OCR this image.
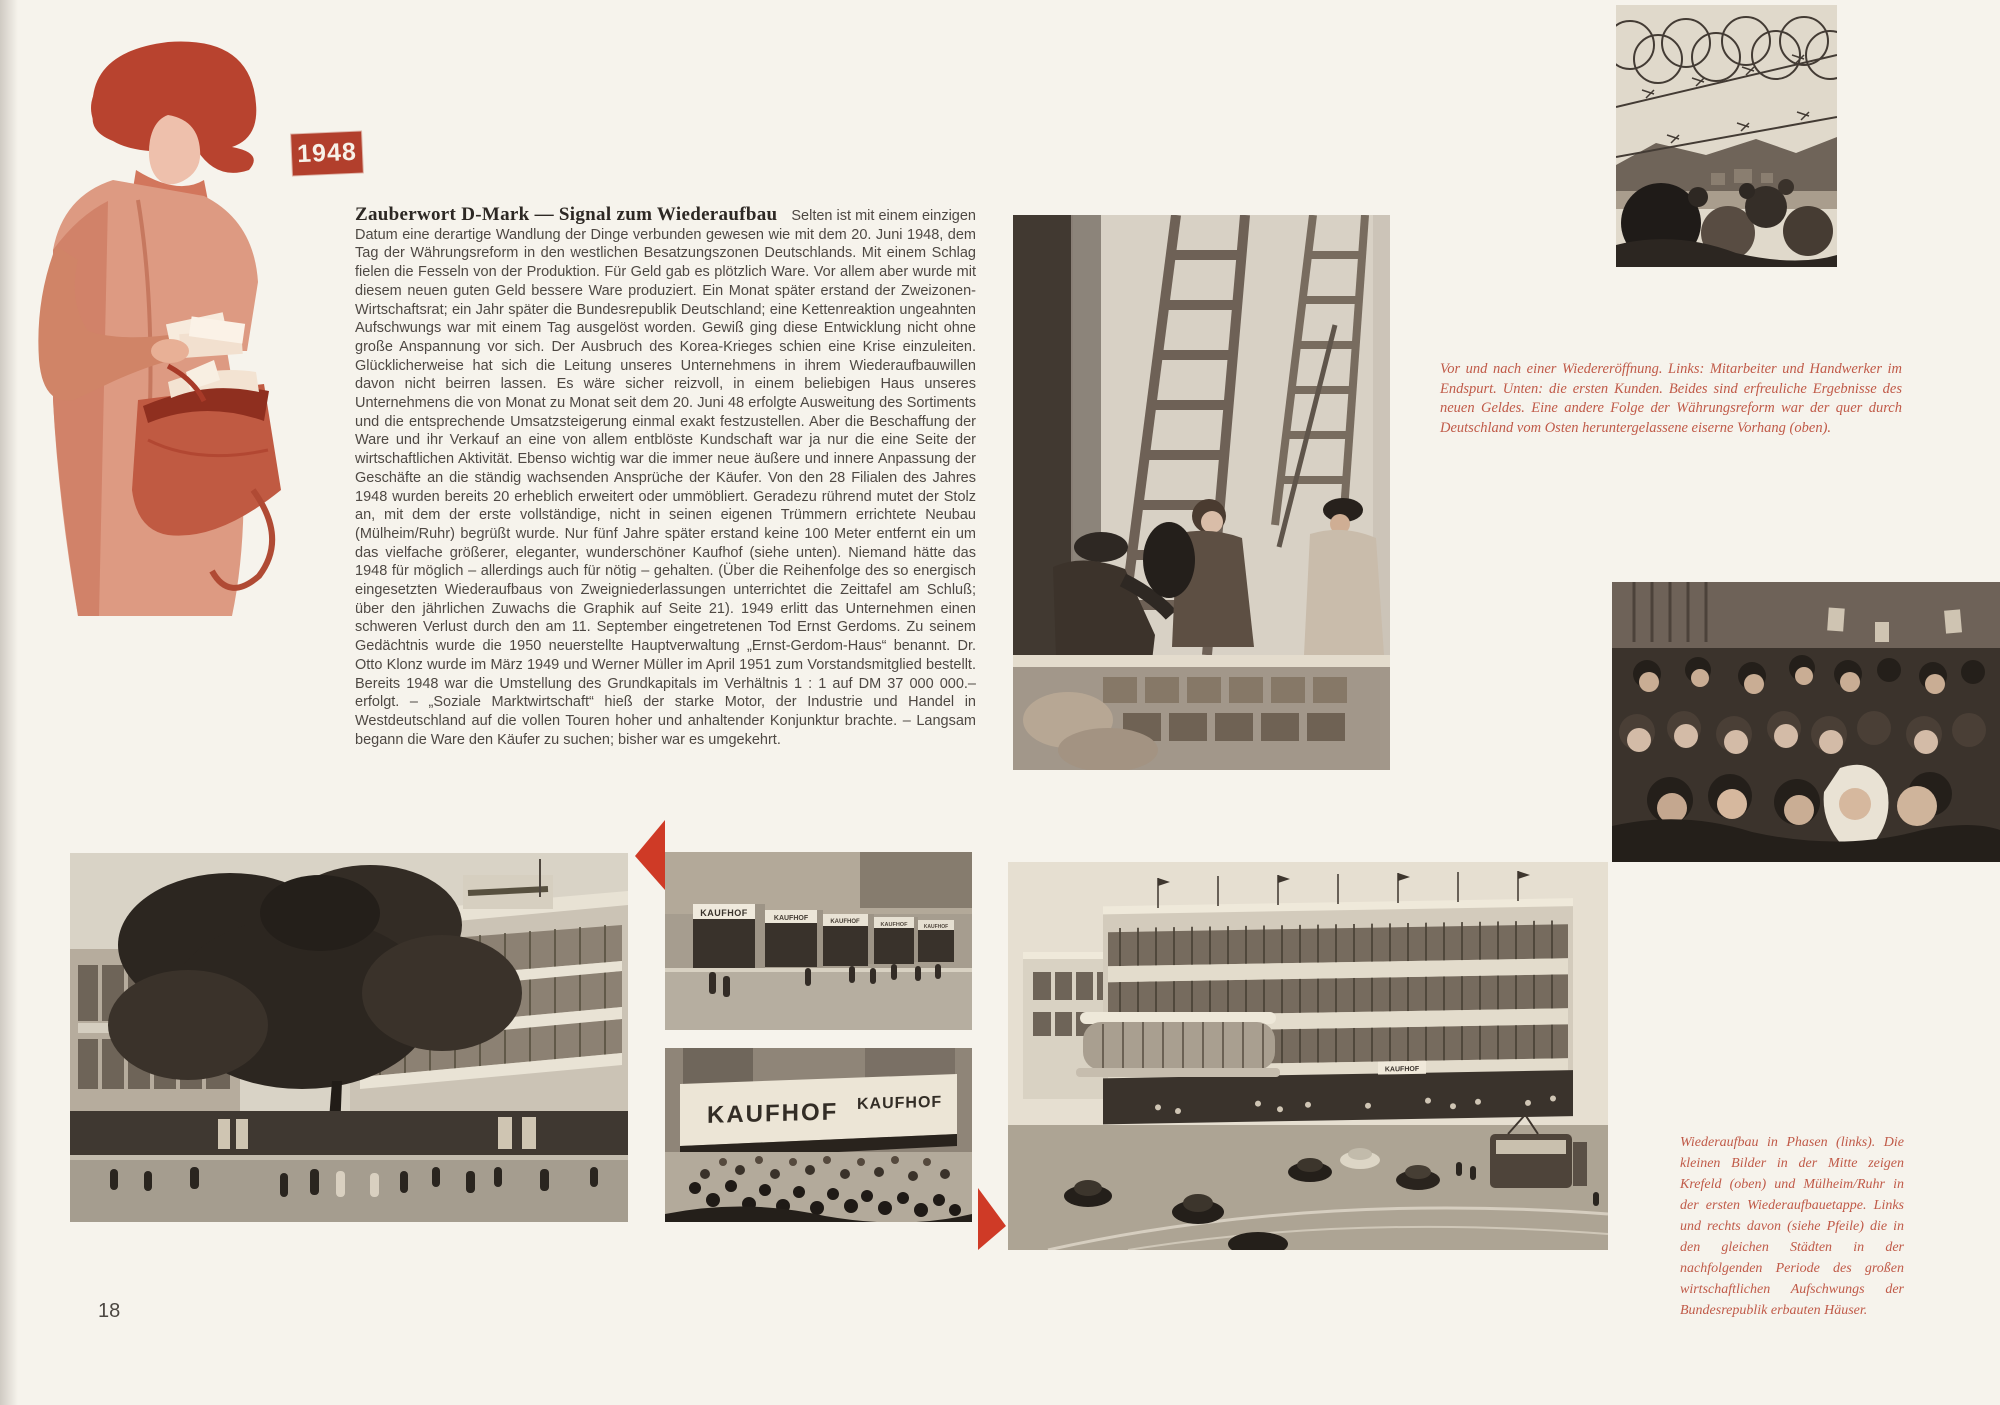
1948
Zauberwort D-Mark — Signal zum Wiederaufbau Selten ist mit einem einzigen Datum eine derartige Wandlung der Dinge verbunden gewesen wie mit dem 20. Juni 1948, dem Tag der Währungsreform in den westlichen Besatzungszonen Deutschlands. Mit einem Schlag fielen die Fesseln von der Produktion. Für Geld gab es plötzlich Ware. Vor allem aber wurde mit diesem neuen guten Geld bessere Ware produziert. Ein Monat später erstand der Zweizonen-Wirtschaftsrat; ein Jahr später die Bundesrepublik Deutschland; eine Kettenreaktion ungeahnten Aufschwungs war mit einem Tag ausgelöst worden. Gewiß ging diese Entwicklung nicht ohne große Anspannung vor sich. Der Ausbruch des Korea-Krieges schien eine Krise einzuleiten. Glücklicherweise hat sich die Leitung unseres Unternehmens in ihrem Wiederaufbauwillen davon nicht beirren lassen. Es wäre sicher reizvoll, in einem beliebigen Haus unseres Unternehmens die von Monat zu Monat seit dem 20. Juni 48 erfolgte Ausweitung des Sortiments und die entsprechende Umsatzsteigerung einmal exakt festzustellen. Aber die Beschaffung der Ware und ihr Verkauf an eine von allem entblöste Kundschaft war ja nur die eine Seite der wirtschaftlichen Aktivität. Ebenso wichtig war die immer neue äußere und innere Anpassung der Geschäfte an die ständig wachsenden Ansprüche der Käufer. Von den 28 Filialen des Jahres 1948 wurden bereits 20 erheblich erweitert oder ummöbliert. Geradezu rührend mutet der Stolz an, mit dem der erste vollständige, nicht in seinen eigenen Trümmern errichtete Neubau (Mülheim/Ruhr) begrüßt wurde. Nur fünf Jahre später erstand keine 100 Meter entfernt ein um das vielfache größerer, eleganter, wunderschöner Kaufhof (siehe unten). Niemand hätte das 1948 für möglich – allerdings auch für nötig – gehalten. (Über die Reihenfolge des so energisch eingesetzten Wiederaufbaus von Zweigniederlassungen unterrichtet die Zeittafel am Schluß; über den jährlichen Zuwachs die Graphik auf Seite 21). 1949 erlitt das Unternehmen einen schweren Verlust durch den am 11. September eingetretenen Tod Ernst Gerdoms. Zu seinem Gedächtnis wurde die 1950 neuerstellte Hauptverwaltung „Ernst-Gerdom-Haus“ benannt. Dr. Otto Klonz wurde im März 1949 und Werner Müller im April 1951 zum Vorstandsmitglied bestellt. Bereits 1948 war die Umstellung des Grundkapitals im Verhältnis 1 : 1 auf DM 37 000 000.– erfolgt. – „Soziale Marktwirtschaft“ hieß der starke Motor, der Industrie und Handel in Westdeutschland auf die vollen Touren hoher und anhaltender Konjunktur brachte. – Langsam begann die Ware den Käufer zu suchen; bisher war es umgekehrt.
Vor und nach einer Wiedereröffnung. Links: Mitarbeiter und Handwerker im Endspurt. Unten: die ersten Kunden. Beides sind erfreuliche Ergebnisse des neuen Geldes. Eine andere Folge der Währungsreform war der quer durch Deutschland vom Osten heruntergelassene eiserne Vorhang (oben).
KAUFHOF
KAUFHOF	KAUFHOF	KAUFHOF	KAUFHOF
KAUFHOF KAUFHOF
KAUFHOF
Wiederaufbau in Phasen (links). Die kleinen Bilder in der Mitte zeigen Krefeld (oben) und Mülheim/Ruhr in der ersten Wiederaufbauetappe. Links und rechts davon (siehe Pfeile) die in den gleichen Städten in der nachfolgenden Periode des großen wirtschaftlichen Aufschwungs der Bundesrepublik erbauten Häuser.
18
